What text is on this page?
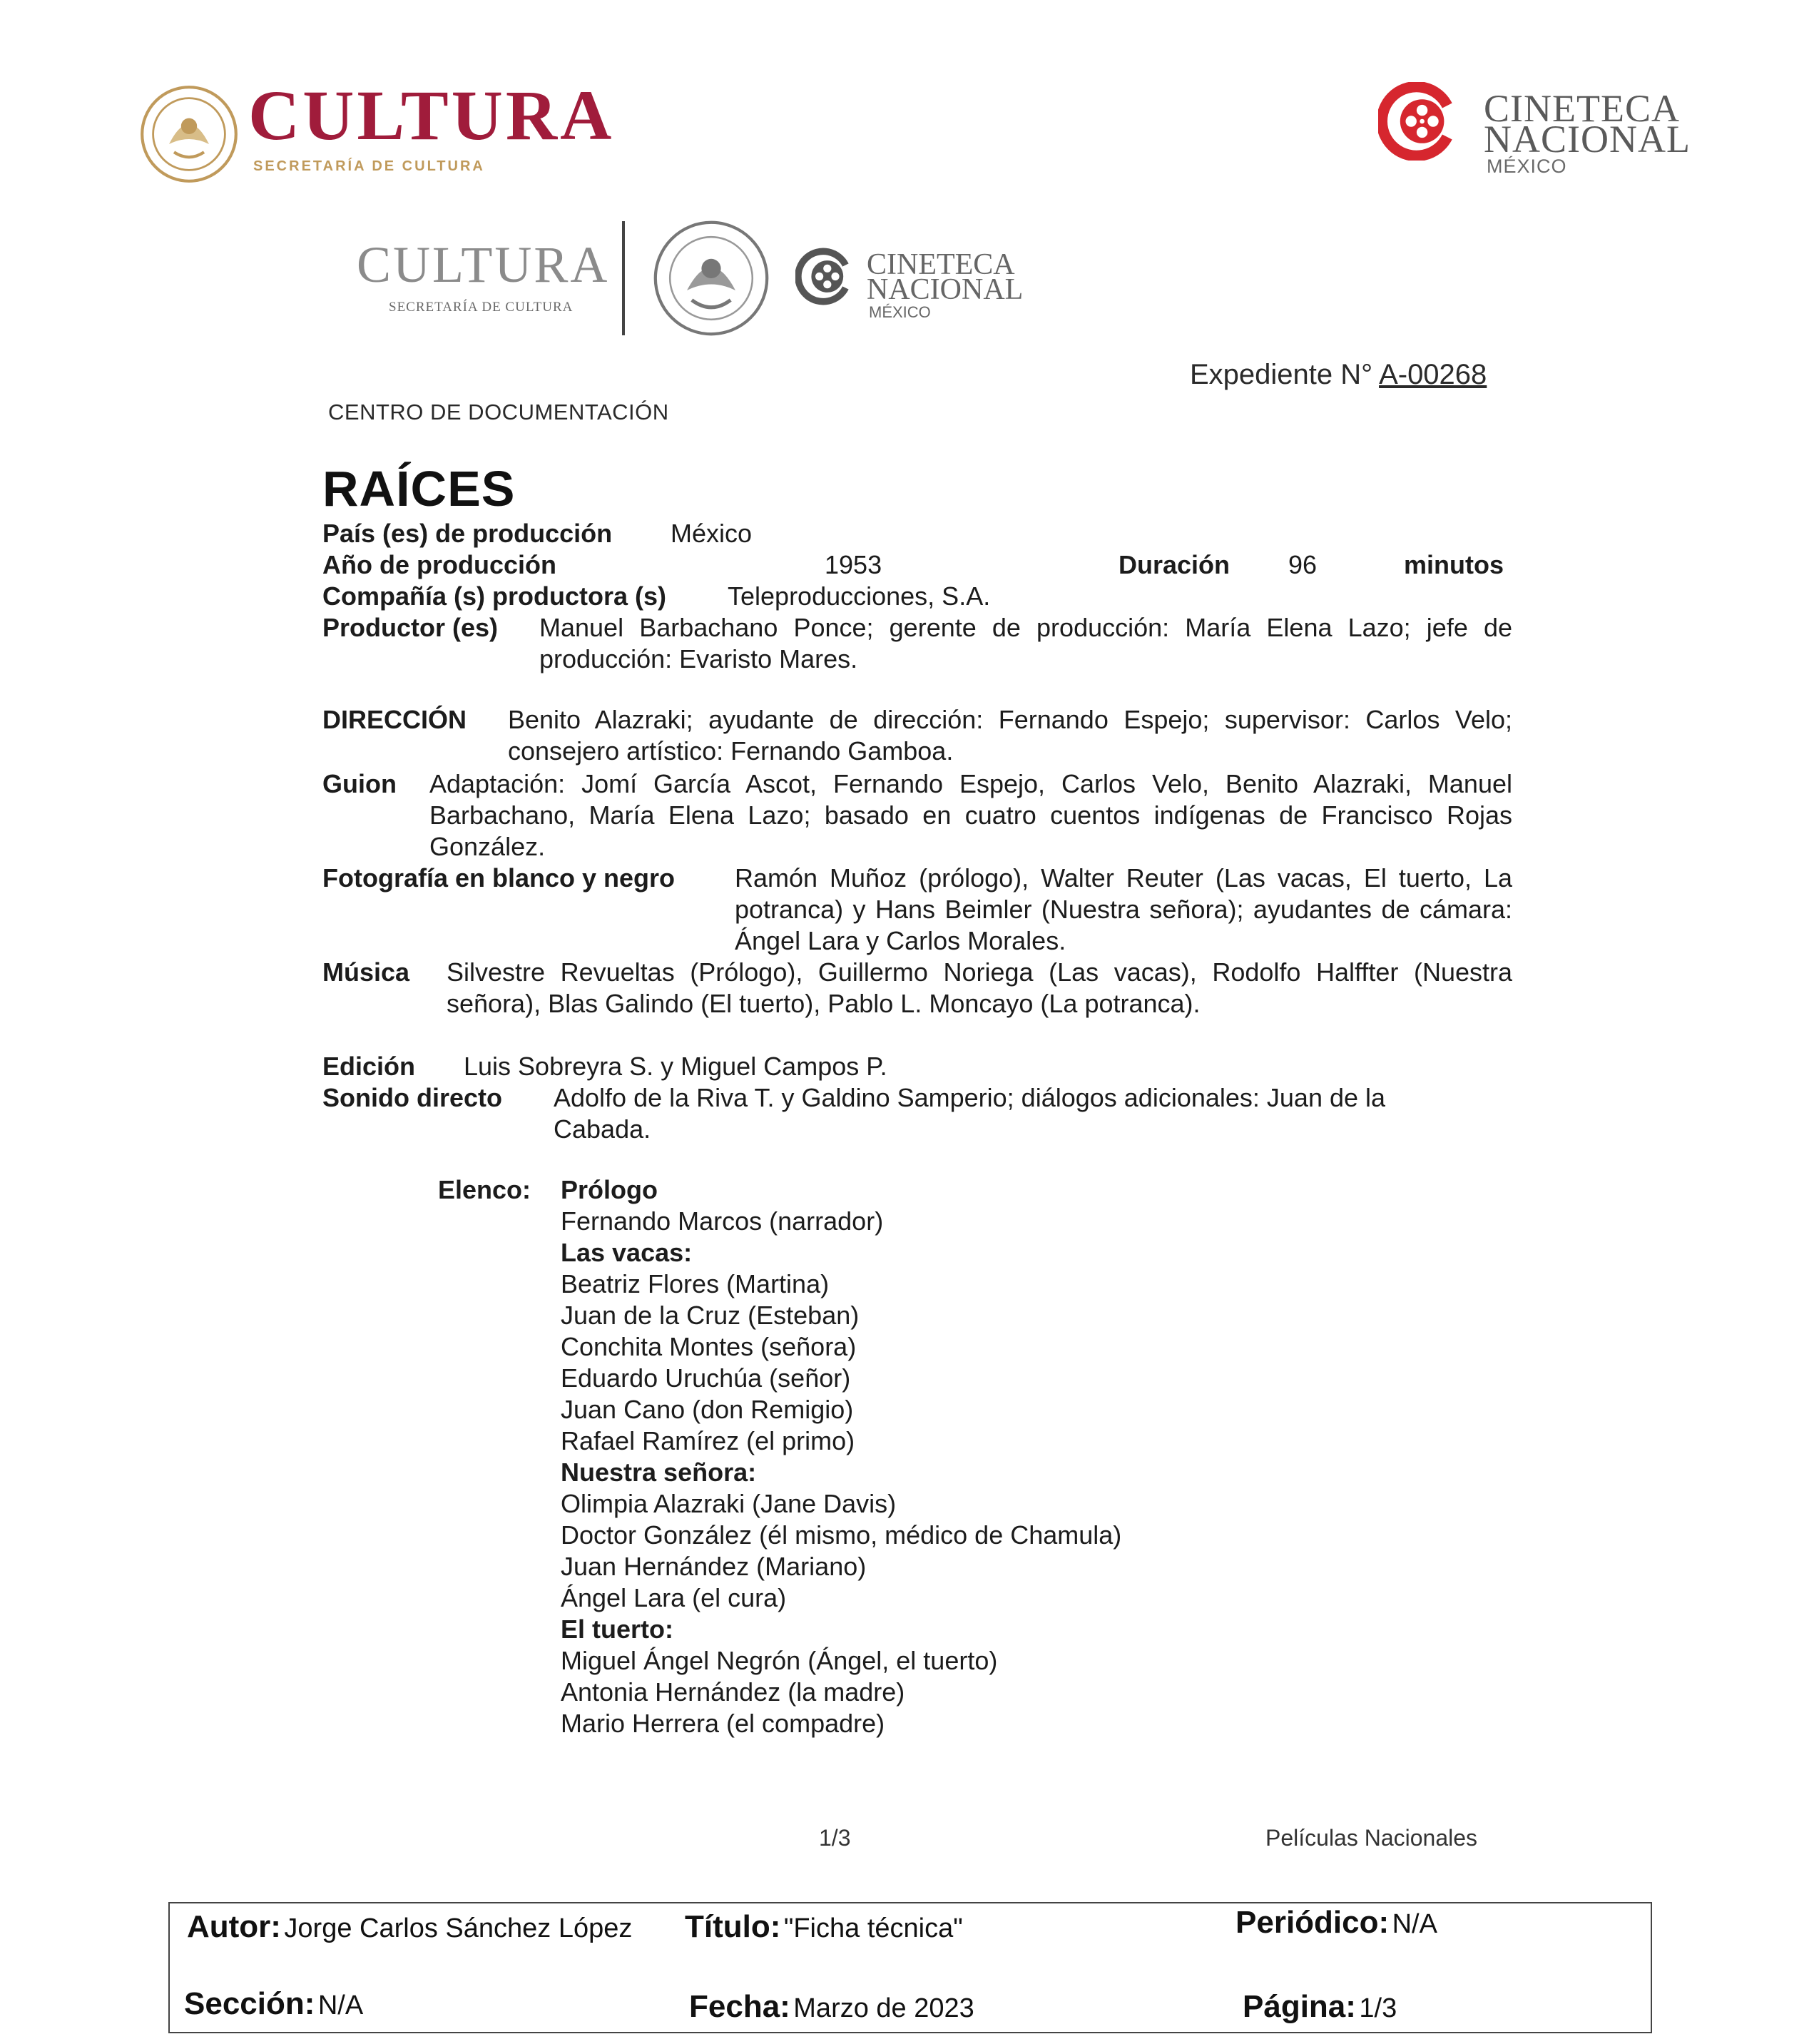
CULTURA
SECRETARÍA DE CULTURA
CINETECA
NACIONAL
MÉXICO
CULTURA
SECRETARÍA DE CULTURA
CINETECA
NACIONAL
MÉXICO
Expediente N° A-00268
CENTRO DE DOCUMENTACIÓN
RAÍCES
País (es) de producción México
Año de producción	1953	Duración 96	minutos
Compañía (s) productora (s) Teleproducciones, S.A.
Productor (es) Manuel Barbachano Ponce; gerente de producción: María Elena Lazo; jefe de producción: Evaristo Mares.
DIRECCIÓN Benito Alazraki; ayudante de dirección: Fernando Espejo; supervisor: Carlos Velo; consejero artístico: Fernando Gamboa.
Guion Adaptación: Jomí García Ascot, Fernando Espejo, Carlos Velo, Benito Alazraki, Manuel Barbachano, María Elena Lazo; basado en cuatro cuentos indígenas de Francisco Rojas González.
Fotografía en blanco y negro Ramón Muñoz (prólogo), Walter Reuter (Las vacas, El tuerto, La potranca) y Hans Beimler (Nuestra señora); ayudantes de cámara: Ángel Lara y Carlos Morales.
Música Silvestre Revueltas (Prólogo), Guillermo Noriega (Las vacas), Rodolfo Halffter (Nuestra señora), Blas Galindo (El tuerto), Pablo L. Moncayo (La potranca).
Edición Luis Sobreyra S. y Miguel Campos P.
Sonido directo Adolfo de la Riva T. y Galdino Samperio; diálogos adicionales: Juan de la
Cabada.
Elenco: Prólogo
Fernando Marcos (narrador)
Las vacas:
Beatriz Flores (Martina)
Juan de la Cruz (Esteban)
Conchita Montes (señora)
Eduardo Uruchúa (señor)
Juan Cano (don Remigio)
Rafael Ramírez (el primo)
Nuestra señora:
Olimpia Alazraki (Jane Davis)
Doctor González (él mismo, médico de Chamula)
Juan Hernández (Mariano)
Ángel Lara (el cura)
El tuerto:
Miguel Ángel Negrón (Ángel, el tuerto)
Antonia Hernández (la madre)
Mario Herrera (el compadre)
1/3	Películas Nacionales
Autor: Jorge Carlos Sánchez López Título: "Ficha técnica"	Periódico: N/A
Sección: N/A	Fecha: Marzo de 2023	Página: 1/3
